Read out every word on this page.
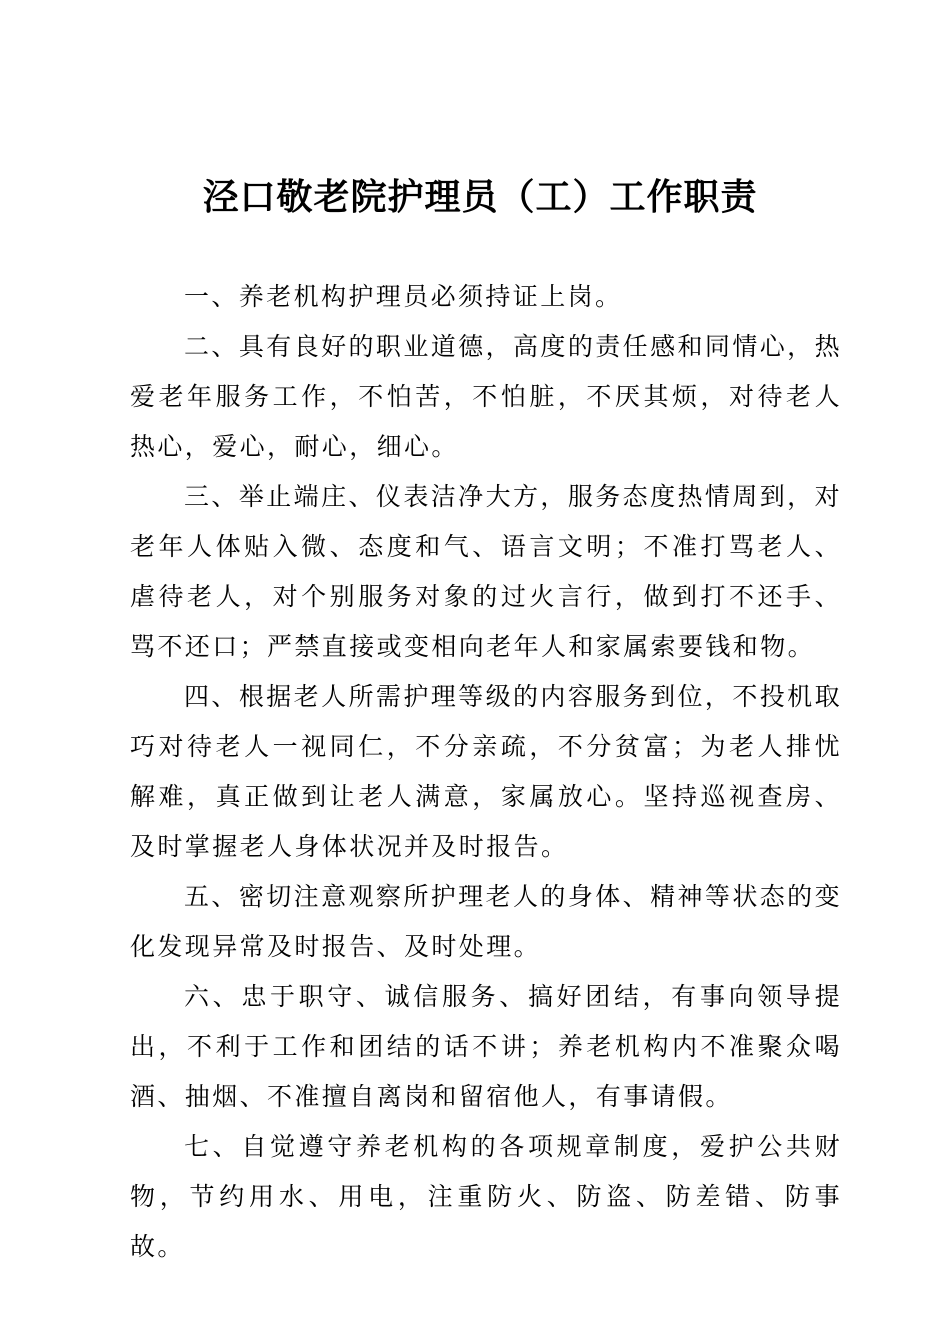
泾口敬老院护理员（工）工作职责

一、养老机构护理员必须持证上岗。

二、具有良好的职业道德，高度的责任感和同情心，热爱老年服务工作，不怕苦，不怕脏，不厌其烦，对待老人热心，爱心，耐心，细心。

三、举止端庄、仪表洁净大方，服务态度热情周到，对老年人体贴入微、态度和气、语言文明；不准打骂老人、虐待老人，对个别服务对象的过火言行，做到打不还手、骂不还口；严禁直接或变相向老年人和家属索要钱和物。

四、根据老人所需护理等级的内容服务到位，不投机取巧对待老人一视同仁，不分亲疏，不分贫富；为老人排忧解难，真正做到让老人满意，家属放心。坚持巡视查房、及时掌握老人身体状况并及时报告。

五、密切注意观察所护理老人的身体、精神等状态的变化发现异常及时报告、及时处理。

六、忠于职守、诚信服务、搞好团结，有事向领导提出，不利于工作和团结的话不讲；养老机构内不准聚众喝酒、抽烟、不准擅自离岗和留宿他人，有事请假。

七、自觉遵守养老机构的各项规章制度，爱护公共财物，节约用水、用电，注重防火、防盗、防差错、防事故。
